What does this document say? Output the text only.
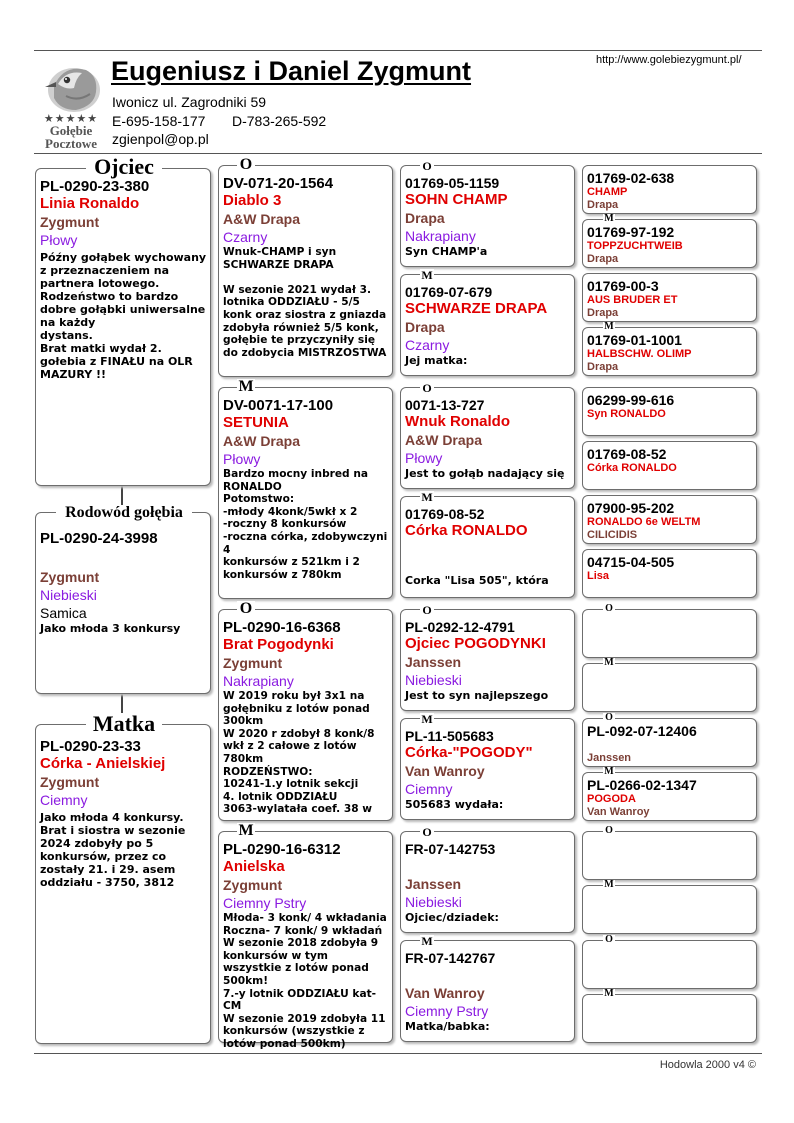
★★★★★
Gołębie
Pocztowe
Eugeniusz i Daniel Zygmunt	http://www.golebiezygmunt.pl/
Iwonicz ul. Zagrodniki 59
E-695-158-177 D-783-265-592
zgienpol@op.pl
PL-0290-23-380
Linia Ronaldo
Zygmunt
Płowy
Późny gołąbek wychowany z przeznaczeniem na partnera lotowego.
Rodzeństwo to bardzo dobre gołąbki uniwersalne na każdy
dystans.
Brat matki wydał 2. gołebia z FINAŁU na OLR MAZURY !!
Ojciec
PL-0290-24-3998
Zygmunt
Niebieski
Samica
Jako młoda 3 konkursy
Rodowód gołębia
PL-0290-23-33
Córka - Anielskiej
Zygmunt
Ciemny
Jako młoda 4 konkursy.
Brat i siostra w sezonie 2024 zdobyły po 5 konkursów, przez co zostały 21. i 29. asem oddziału - 3750, 3812
Matka
DV-071-20-1564
Diablo 3
A&W Drapa
Czarny
Wnuk-CHAMP i syn SCHWARZE DRAPA

W sezonie 2021 wydał 3. lotnika ODDZIAŁU - 5/5 konk oraz siostra z gniazda zdobyła również 5/5 konk, gołębie te przyczyniły się do zdobycia MISTRZOSTWA
O
DV-0071-17-100
SETUNIA
A&W Drapa
Płowy
Bardzo mocny inbred na RONALDO
Potomstwo:
-młody 4konk/5wkł x 2
-roczny 8 konkursów
-roczna córka, zdobywczyni 4
konkursów z 521km i 2 konkursów z 780km
M
PL-0290-16-6368
Brat Pogodynki
Zygmunt
Nakrapiany
W 2019 roku był 3x1 na gołębniku z lotów ponad 300km
W 2020 r zdobył 8 konk/8 wkł z 2 całowe z lotów 780km
RODZEŃSTWO:
10241-1.y lotnik sekcji
4. lotnik ODDZIAŁU
3063-wylatała coef. 38 w
O
PL-0290-16-6312
Anielska
Zygmunt
Ciemny Pstry
Młoda- 3 konk/ 4 wkładania
Roczna- 7 konk/ 9 wkładań
W sezonie 2018 zdobyła 9 konkursów w tym wszystkie z lotów ponad 500km!
7.-y lotnik ODDZIAŁU kat-CM
W sezonie 2019 zdobyła 11 konkursów (wszystkie z lotów ponad 500km)
M
01769-05-1159
SOHN CHAMP
Drapa
Nakrapiany
Syn CHAMP'a
O
01769-07-679
SCHWARZE DRAPA
Drapa
Czarny
Jej matka:
M
0071-13-727
Wnuk Ronaldo
A&W Drapa
Płowy
Jest to gołąb nadający się
O
01769-08-52
Córka RONALDO
Corka "Lisa 505", która
M
PL-0292-12-4791
Ojciec POGODYNKI
Janssen
Niebieski
Jest to syn najlepszego
O
PL-11-505683
Córka-"POGODY"
Van Wanroy
Ciemny
505683 wydała:
M
FR-07-142753
Janssen
Niebieski
Ojciec/dziadek:
O
FR-07-142767
Van Wanroy
Ciemny Pstry
Matka/babka:
M
01769-02-638
CHAMP
Drapa
01769-97-192
TOPPZUCHTWEIB
Drapa
M
01769-00-3
AUS BRUDER ET
Drapa
01769-01-1001
HALBSCHW. OLIMP
Drapa
M
06299-99-616
Syn RONALDO
01769-08-52
Córka RONALDO
07900-95-202
RONALDO 6e WELTM
CILICIDIS
04715-04-505
Lisa
O
M
PL-092-07-12406
Janssen
O
PL-0266-02-1347
POGODA
Van Wanroy
M
O
M
O
M
Hodowla 2000 v4 ©
